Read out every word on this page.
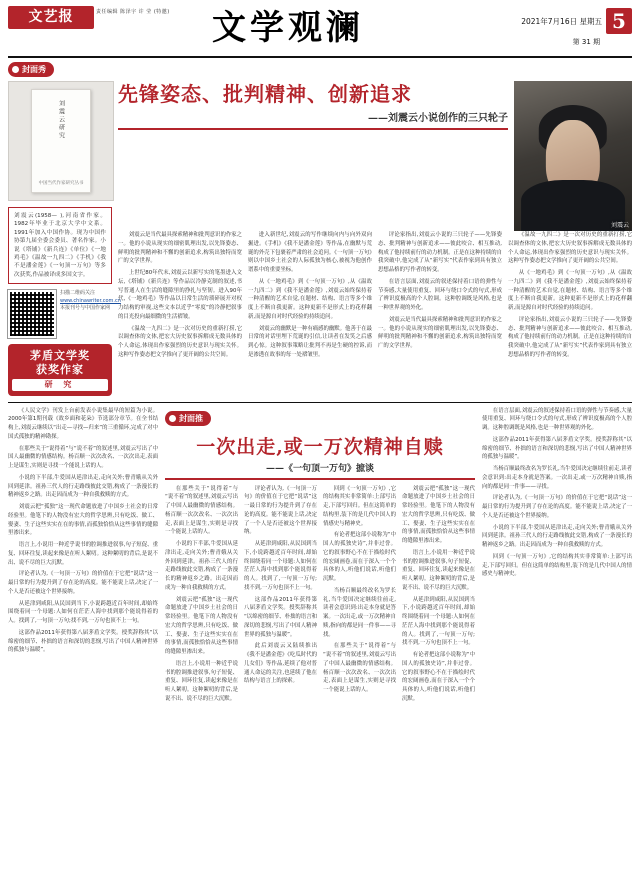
文艺报	责任编辑 陈泽宇 许 莹 (特邀)	文学观澜	2021年7月16日 星期五 5
第 31 期
封面秀
刘震云研究
中国当代作家研究丛书
刘震云(1958— ),河南省作家。1982年毕业于北京大学中文系。1991年加入中国作协。现为中国作协第九届全委会委员、著名作家。小说《塔铺》《新兵连》《单位》《一地鸡毛》《温故一九四二》《手机》《我不是潘金莲》《一句顶一万句》等多次获奖,作品被译成多国文字。
扫描二维码关注
www.chinawriter.com.cn
本报刊号与中国作家网
茅盾文学奖
获奖作家
研 究
先锋姿态、批判精神、创新追求
——刘震云小说创作的三只轮子
刘震云

刘震云是当代最具探索精神和批判意识的作家之一。他的小说从现实的细密肌理出发,以先锋姿态、鲜明的批判精神和不懈的创新追求,构筑出独特而宽广的文学世界。

上世纪80年代末,刘震云以新写实的笔墨进入文坛,《塔铺》《新兵连》等作品以冷静克制的叙述,书写普通人在生活的缝隙里的挣扎与坚韧。进入90年代,《一地鸡毛》等作品以日常生活的琐碎展开对权力结构的审视,这些文本以近乎“零度”的冷静把叙事的目光投向最细微的生活褶皱。

《温故一九四二》是一次对历史的重新打捞,它以调查体的文体,把宏大历史叙事拆解成无数具体的个人命运,体现出作家强烈的历史意识与现实关怀。这种写作姿态把文学推向了更开阔的公共空间。

进入新世纪,刘震云的写作继续向内与向外双向掘进。《手机》《我不是潘金莲》等作品,在幽默与荒诞的外壳下包裹着严肃的社会追问。《一句顶一万句》则以中国乡土社会的人际孤独为核心,被视为他创作谱系中的重要坐标。

从《一地鸡毛》到《一句顶一万句》,从《温故一九四二》到《我不是潘金莲》,刘震云始终保持着一种清醒的艺术自觉,在题材、结构、语言等多个维度上不断自我更新。这种更新不是形式上的花样翻新,而是源自对时代经验的持续追问。

刘震云的幽默是一种有痛感的幽默。他善于在最日常的对话里埋下荒诞的引信,让读者在发笑之后感到心惊。这种叙事策略让批判不再是生硬的控诉,而是渗透在故事的每一处褶皱里。

评论家指出,刘震云小说的三只轮子——先锋姿态、批判精神与创新追求——彼此咬合、相互推动,构成了他持续前行的动力机制。正是在这种持续的自我突破中,他完成了从“新写实”代表作家到具有独立思想品格的写作者的转变。

在语言层面,刘震云的叙述保持着口语的弹性与节奏感,大量使用重复、回环与绕口令式的句式,形成了辨识度极高的个人腔调。这种腔调既是风格,也是一种世界观的外化。

刘震云是当代最具探索精神和批判意识的作家之一。他的小说从现实的细密肌理出发,以先锋姿态、鲜明的批判精神和不懈的创新追求,构筑出独特而宽广的文学世界。

《温故一九四二》是一次对历史的重新打捞,它以调查体的文体,把宏大历史叙事拆解成无数具体的个人命运,体现出作家强烈的历史意识与现实关怀。这种写作姿态把文学推向了更开阔的公共空间。

从《一地鸡毛》到《一句顶一万句》,从《温故一九四二》到《我不是潘金莲》,刘震云始终保持着一种清醒的艺术自觉,在题材、结构、语言等多个维度上不断自我更新。这种更新不是形式上的花样翻新,而是源自对时代经验的持续追问。

评论家指出,刘震云小说的三只轮子——先锋姿态、批判精神与创新追求——彼此咬合、相互推动,构成了他持续前行的动力机制。正是在这种持续的自我突破中,他完成了从“新写实”代表作家到具有独立思想品格的写作者的转变。

《人民文学》刊发上台前发表小说集最早的短篇为小说。2000年第1期刊载《故乡面和花朵》节选部分章节。在全书结构上,刘震云继续以“出走—寻找—归来”的三重循环,完成了对中国式孤独的精神勘探。

在那些关于“说得着”与“说不着”的叙述里,刘震云写出了中国人最幽微的情感结构。杨百顺一次次改名、一次次出走,表面上是谋生,实则是寻找一个能说上话的人。

小说的下半部,牛爱国从延津出走,走向关外;曹青娥从关外回到延津。祖孙三代人的行走路线彼此交错,构成了一条漫长的精神返乡之路。出走因而成为一种自我救赎的方式。

刘震云把“孤独”这一现代命题放进了中国乡土社会的日常经验里。他笔下的人物没有宏大的哲学思辨,只有吃饭、做工、娶妻、生子这些实实在在的事情,而孤独恰恰从这些事情的缝隙里渗出来。

语言上,小说用一种近乎说书的腔调推进叙事,句子短促、重复、回环往复,读起来像是在听人絮叨。这种絮叨的背后,是说不出、说不尽的巨大沉默。

评论者认为,《一句顶一万句》的价值在于它把“说话”这一最日常的行为提升到了存在论的高度。能不能说上话,决定了一个人是否还被这个世界接纳。

从延津到咸阳,从民国到当下,小说跨越近百年时间,却始终围绕着同一个母题:人如何在茫茫人海中找到那个能说得着的人。找到了,一句顶一万句;找不到,一万句也顶不上一句。

这部作品2011年获得第八届茅盾文学奖。授奖辞称其“以绵密的细节、朴拙的语言和深切的悲悯,写出了中国人精神世界的孤独与温暖”。

封面推
一次出走,或一万次精神自赎
——《一句顶一万句》摭谈

在那些关于“说得着”与“说不着”的叙述里,刘震云写出了中国人最幽微的情感结构。杨百顺一次次改名、一次次出走,表面上是谋生,实则是寻找一个能说上话的人。

小说的下半部,牛爱国从延津出走,走向关外;曹青娥从关外回到延津。祖孙三代人的行走路线彼此交错,构成了一条漫长的精神返乡之路。出走因而成为一种自我救赎的方式。

刘震云把“孤独”这一现代命题放进了中国乡土社会的日常经验里。他笔下的人物没有宏大的哲学思辨,只有吃饭、做工、娶妻、生子这些实实在在的事情,而孤独恰恰从这些事情的缝隙里渗出来。

语言上,小说用一种近乎说书的腔调推进叙事,句子短促、重复、回环往复,读起来像是在听人絮叨。这种絮叨的背后,是说不出、说不尽的巨大沉默。

评论者认为,《一句顶一万句》的价值在于它把“说话”这一最日常的行为提升到了存在论的高度。能不能说上话,决定了一个人是否还被这个世界接纳。

从延津到咸阳,从民国到当下,小说跨越近百年时间,却始终围绕着同一个母题:人如何在茫茫人海中找到那个能说得着的人。找到了,一句顶一万句;找不到,一万句也顶不上一句。

这部作品2011年获得第八届茅盾文学奖。授奖辞称其“以绵密的细节、朴拙的语言和深切的悲悯,写出了中国人精神世界的孤独与温暖”。

此后刘震云又陆续推出《我不是潘金莲》《吃瓜时代的儿女们》等作品,延续了他对普通人命运的关注,也延续了他在结构与语言上的探索。

回到《一句顶一万句》,它的结构其实非常简单:上部写出走,下部写回归。但在这简单的结构里,装下的是几代中国人的情感史与精神史。

有论者把这部小说称为“中国人的孤独史诗”,并非过誉。它的叙事野心不在于描绘时代的宏阔画卷,而在于深入一个个具体的人,听他们说话,听他们沉默。

当杨百顺最终改名为罗长礼,当牛爱国决定继续往前走,读者会意识到:出走本身就是答案。一次出走,或一万次精神自赎,指向的都是同一件事——寻找。

在那些关于“说得着”与“说不着”的叙述里,刘震云写出了中国人最幽微的情感结构。杨百顺一次次改名、一次次出走,表面上是谋生,实则是寻找一个能说上话的人。

刘震云把“孤独”这一现代命题放进了中国乡土社会的日常经验里。他笔下的人物没有宏大的哲学思辨,只有吃饭、做工、娶妻、生子这些实实在在的事情,而孤独恰恰从这些事情的缝隙里渗出来。

语言上,小说用一种近乎说书的腔调推进叙事,句子短促、重复、回环往复,读起来像是在听人絮叨。这种絮叨的背后,是说不出、说不尽的巨大沉默。

从延津到咸阳,从民国到当下,小说跨越近百年时间,却始终围绕着同一个母题:人如何在茫茫人海中找到那个能说得着的人。找到了,一句顶一万句;找不到,一万句也顶不上一句。

有论者把这部小说称为“中国人的孤独史诗”,并非过誉。它的叙事野心不在于描绘时代的宏阔画卷,而在于深入一个个具体的人,听他们说话,听他们沉默。

在语言层面,刘震云的叙述保持着口语的弹性与节奏感,大量使用重复、回环与绕口令式的句式,形成了辨识度极高的个人腔调。这种腔调既是风格,也是一种世界观的外化。

这部作品2011年获得第八届茅盾文学奖。授奖辞称其“以绵密的细节、朴拙的语言和深切的悲悯,写出了中国人精神世界的孤独与温暖”。

当杨百顺最终改名为罗长礼,当牛爱国决定继续往前走,读者会意识到:出走本身就是答案。一次出走,或一万次精神自赎,指向的都是同一件事——寻找。

评论者认为,《一句顶一万句》的价值在于它把“说话”这一最日常的行为提升到了存在论的高度。能不能说上话,决定了一个人是否还被这个世界接纳。

小说的下半部,牛爱国从延津出走,走向关外;曹青娥从关外回到延津。祖孙三代人的行走路线彼此交错,构成了一条漫长的精神返乡之路。出走因而成为一种自我救赎的方式。

回到《一句顶一万句》,它的结构其实非常简单:上部写出走,下部写回归。但在这简单的结构里,装下的是几代中国人的情感史与精神史。
